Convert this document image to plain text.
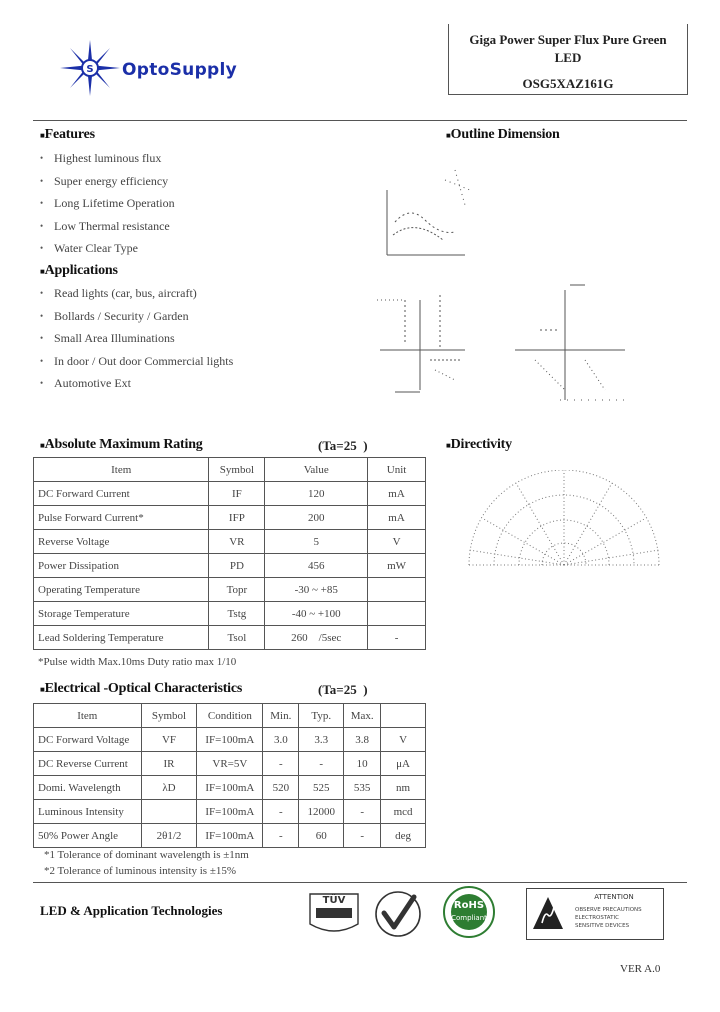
S OptoSupply
Giga Power Super Flux Pure Green
LED
OSG5XAZ161G
■Features
• Highest luminous flux
• Super energy efficiency
• Long Lifetime Operation
• Low Thermal resistance
• Water Clear Type
■Applications
• Read lights (car, bus, aircraft)
• Bollards / Security / Garden
• Small Area Illuminations
• In door / Out door Commercial lights
• Automotive Ext
■Outline Dimension
■Directivity
■Absolute Maximum Rating	(Ta=25  )
Item	Symbol	Value	Unit
DC Forward Current	IF	120	mA
Pulse Forward Current*	IFP	200	mA
Reverse Voltage	VR	5	V
Power Dissipation	PD	456	mW
Operating Temperature	Topr	-30 ~ +85	
Storage Temperature	Tstg	-40 ~ +100	
Lead Soldering Temperature	Tsol	260    /5sec	-
*Pulse width Max.10ms Duty ratio max 1/10
■Electrical -Optical Characteristics	(Ta=25  )
Item	Symbol	Condition	Min.	Typ.	Max.	
DC Forward Voltage	VF	IF=100mA	3.0	3.3	3.8	V
DC Reverse Current	IR	VR=5V	-	-	10	μA
Domi. Wavelength	λD	IF=100mA	520	525	535	nm
Luminous Intensity		IF=100mA	-	12000	-	mcd
50% Power Angle	2θ1/2	IF=100mA	-	60	-	deg
*1 Tolerance of dominant wavelength is ±1nm
*2 Tolerance of luminous intensity is ±15%
LED & Application Technologies
TÜV	RoHS
Compliant
ATTENTION
OBSERVE PRECAUTIONS
ELECTROSTATIC
SENSITIVE DEVICES
VER A.0
